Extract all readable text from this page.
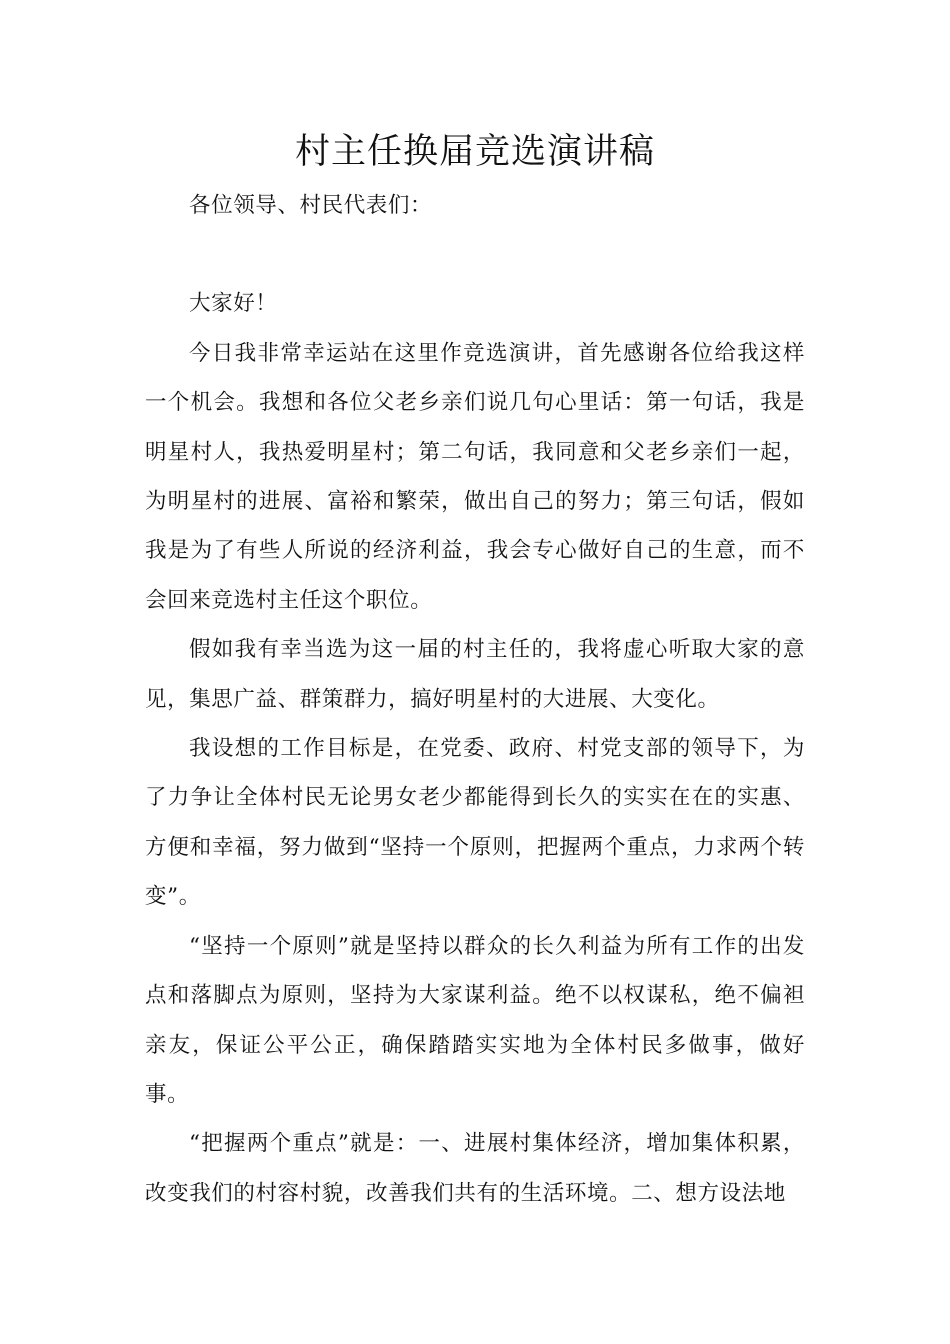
村主任换届竞选演讲稿

各位领导、村民代表们：

大家好！

今日我非常幸运站在这里作竞选演讲，首先感谢各位给我这样一个机会。我想和各位父老乡亲们说几句心里话：第一句话，我是明星村人，我热爱明星村；第二句话，我同意和父老乡亲们一起，为明星村的进展、富裕和繁荣，做出自己的努力；第三句话，假如我是为了有些人所说的经济利益，我会专心做好自己的生意，而不会回来竞选村主任这个职位。

假如我有幸当选为这一届的村主任的，我将虚心听取大家的意见，集思广益、群策群力，搞好明星村的大进展、大变化。

我设想的工作目标是，在党委、政府、村党支部的领导下，为了力争让全体村民无论男女老少都能得到长久的实实在在的实惠、方便和幸福，努力做到“坚持一个原则，把握两个重点，力求两个转变”。

“坚持一个原则”就是坚持以群众的长久利益为所有工作的出发点和落脚点为原则，坚持为大家谋利益。绝不以权谋私，绝不偏袒亲友，保证公平公正，确保踏踏实实地为全体村民多做事，做好事。

“把握两个重点”就是：一、进展村集体经济，增加集体积累，改变我们的村容村貌，改善我们共有的生活环境。二、想方设法地
